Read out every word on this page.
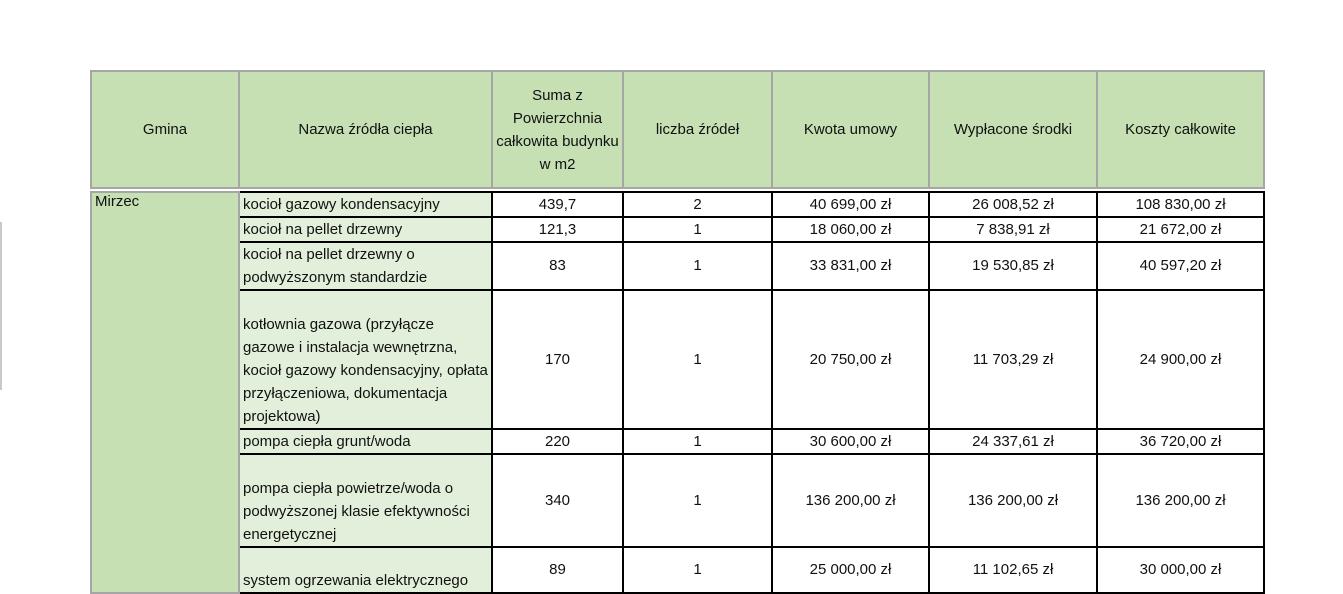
Gmina	Nazwa źródła ciepła	Suma z Powierzchnia całkowita budynku w m2	liczba źródeł	Kwota umowy	Wypłacone środki	Koszty całkowite

Mirzec	kocioł gazowy kondensacyjny	439,7	2	40 699,00 zł	26 008,52 zł	108 830,00 zł
	kocioł na pellet drzewny	121,3	1	18 060,00 zł	7 838,91 zł	21 672,00 zł
	kocioł na pellet drzewny o podwyższonym standardzie	83	1	33 831,00 zł	19 530,85 zł	40 597,20 zł
	kotłownia gazowa (przyłącze gazowe i instalacja wewnętrzna, kocioł gazowy kondensacyjny, opłata przyłączeniowa, dokumentacja projektowa)	170	1	20 750,00 zł	11 703,29 zł	24 900,00 zł
	pompa ciepła grunt/woda	220	1	30 600,00 zł	24 337,61 zł	36 720,00 zł
	pompa ciepła powietrze/woda o podwyższonej klasie efektywności energetycznej	340	1	136 200,00 zł	136 200,00 zł	136 200,00 zł
	system ogrzewania elektrycznego	89	1	25 000,00 zł	11 102,65 zł	30 000,00 zł
